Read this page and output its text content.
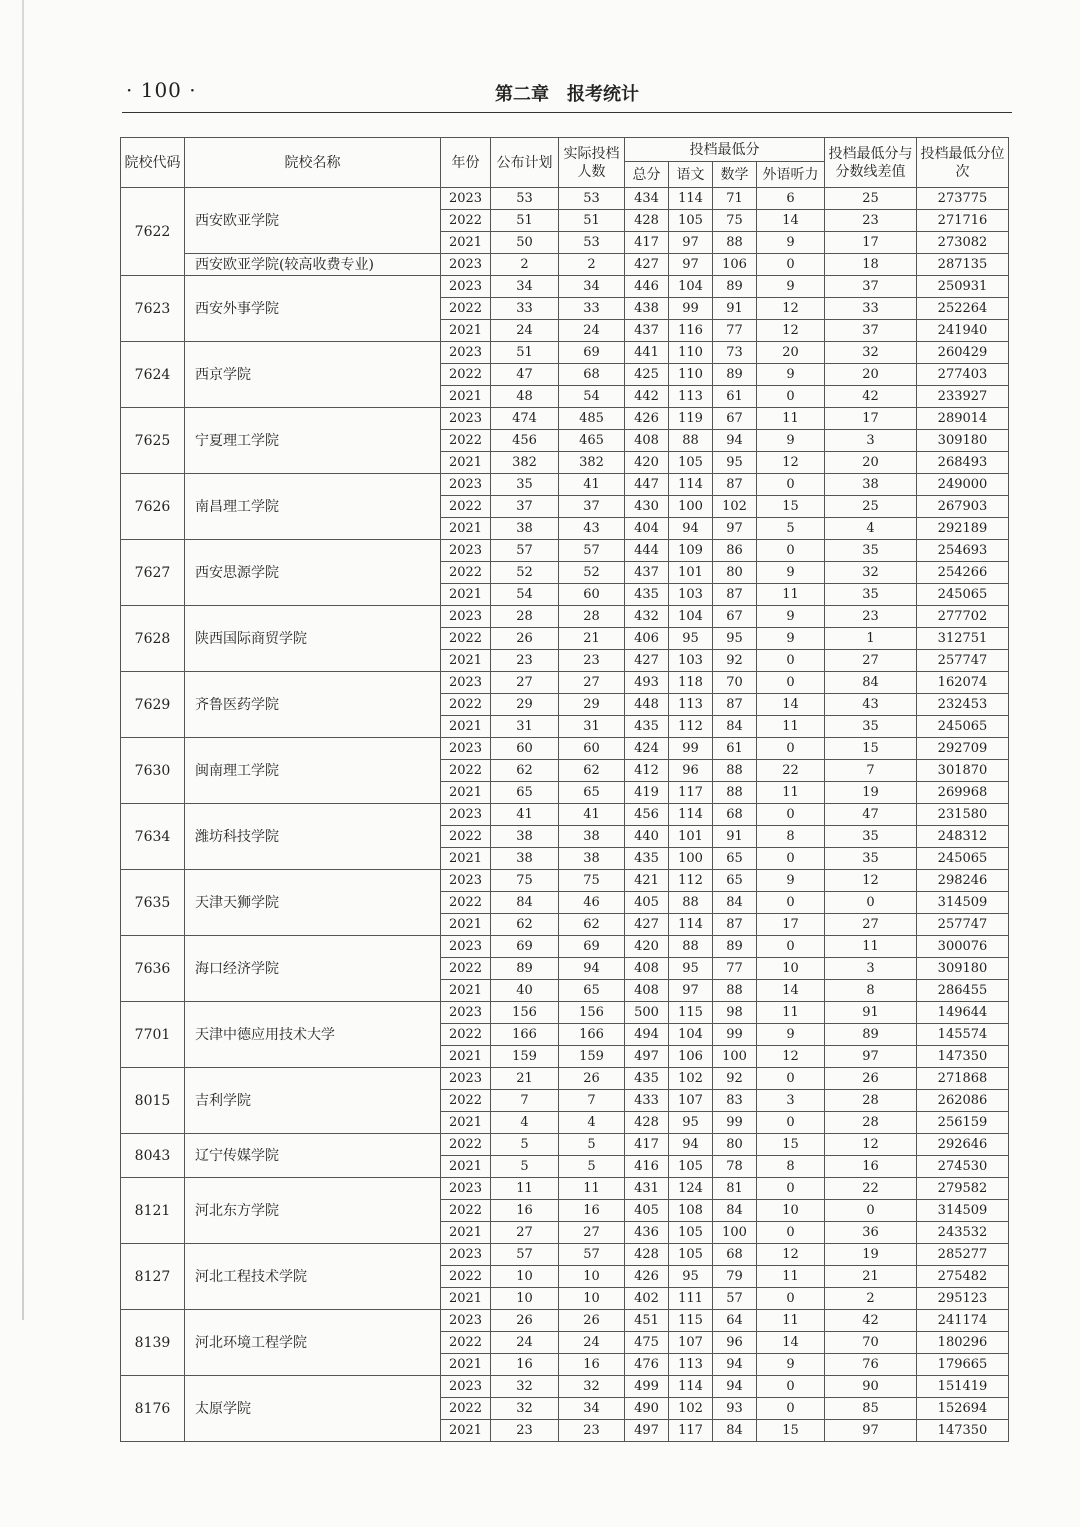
· 100 ·	第二章　报考统计
院校代码	院校名称	年份	公布计划	实际投档人数	投档最低分				投档最低分与分数线差值	投档最低分位次
					总分	语文	数学	外语听力		
7622	西安欧亚学院	2023	53	53	434	114	71	6	25	273775
		2022	51	51	428	105	75	14	23	271716
		2021	50	53	417	97	88	9	17	273082
	西安欧亚学院(较高收费专业)	2023	2	2	427	97	106	0	18	287135
7623	西安外事学院	2023	34	34	446	104	89	9	37	250931
		2022	33	33	438	99	91	12	33	252264
		2021	24	24	437	116	77	12	37	241940
7624	西京学院	2023	51	69	441	110	73	20	32	260429
		2022	47	68	425	110	89	9	20	277403
		2021	48	54	442	113	61	0	42	233927
7625	宁夏理工学院	2023	474	485	426	119	67	11	17	289014
		2022	456	465	408	88	94	9	3	309180
		2021	382	382	420	105	95	12	20	268493
7626	南昌理工学院	2023	35	41	447	114	87	0	38	249000
		2022	37	37	430	100	102	15	25	267903
		2021	38	43	404	94	97	5	4	292189
7627	西安思源学院	2023	57	57	444	109	86	0	35	254693
		2022	52	52	437	101	80	9	32	254266
		2021	54	60	435	103	87	11	35	245065
7628	陕西国际商贸学院	2023	28	28	432	104	67	9	23	277702
		2022	26	21	406	95	95	9	1	312751
		2021	23	23	427	103	92	0	27	257747
7629	齐鲁医药学院	2023	27	27	493	118	70	0	84	162074
		2022	29	29	448	113	87	14	43	232453
		2021	31	31	435	112	84	11	35	245065
7630	闽南理工学院	2023	60	60	424	99	61	0	15	292709
		2022	62	62	412	96	88	22	7	301870
		2021	65	65	419	117	88	11	19	269968
7634	潍坊科技学院	2023	41	41	456	114	68	0	47	231580
		2022	38	38	440	101	91	8	35	248312
		2021	38	38	435	100	65	0	35	245065
7635	天津天狮学院	2023	75	75	421	112	65	9	12	298246
		2022	84	46	405	88	84	0	0	314509
		2021	62	62	427	114	87	17	27	257747
7636	海口经济学院	2023	69	69	420	88	89	0	11	300076
		2022	89	94	408	95	77	10	3	309180
		2021	40	65	408	97	88	14	8	286455
7701	天津中德应用技术大学	2023	156	156	500	115	98	11	91	149644
		2022	166	166	494	104	99	9	89	145574
		2021	159	159	497	106	100	12	97	147350
8015	吉利学院	2023	21	26	435	102	92	0	26	271868
		2022	7	7	433	107	83	3	28	262086
		2021	4	4	428	95	99	0	28	256159
8043	辽宁传媒学院	2022	5	5	417	94	80	15	12	292646
		2021	5	5	416	105	78	8	16	274530
8121	河北东方学院	2023	11	11	431	124	81	0	22	279582
		2022	16	16	405	108	84	10	0	314509
		2021	27	27	436	105	100	0	36	243532
8127	河北工程技术学院	2023	57	57	428	105	68	12	19	285277
		2022	10	10	426	95	79	11	21	275482
		2021	10	10	402	111	57	0	2	295123
8139	河北环境工程学院	2023	26	26	451	115	64	11	42	241174
		2022	24	24	475	107	96	14	70	180296
		2021	16	16	476	113	94	9	76	179665
8176	太原学院	2023	32	32	499	114	94	0	90	151419
		2022	32	34	490	102	93	0	85	152694
		2021	23	23	497	117	84	15	97	147350
